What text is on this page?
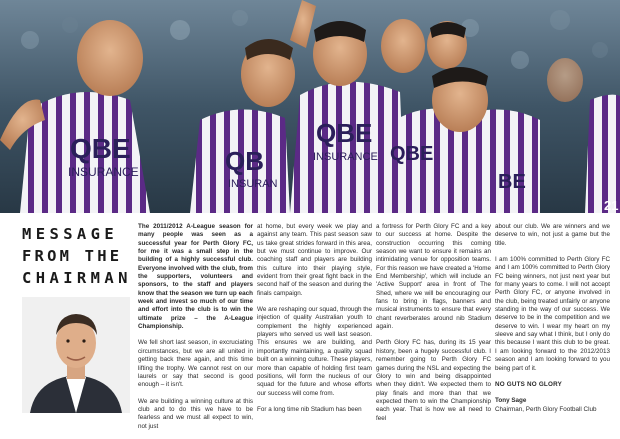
QBE
INSURANCE	QB
INSURAN
QBE
INSURANCE QBE
BE
21
MESSAGE
FROM THE
CHAIRMAN

The 2011/2012 A-League season for many people was seen as a successful year for Perth Glory FC, for me it was a small step in the building of a highly successful club. Everyone involved with the club, from the supporters, volunteers and sponsors, to the staff and players know that the season we turn up each week and invest so much of our time and effort into the club is to win the ultimate prize – the A-League Championship.

We fell short last season, in excruciating circumstances, but we are all united in getting back there again, and this time lifting the trophy. We cannot rest on our laurels or say that second is good enough – it isn't.

We are building a winning culture at this club and to do this we have to be fearless and we must all expect to win, not just

at home, but every week we play and against any team. This past season saw us take great strides forward in this area, but we must continue to improve. Our coaching staff and players are building this culture into their playing style, evident from their great fight back in the second half of the season and during the finals campaign.

We are reshaping our squad, through the injection of quality Australian youth to complement the highly experienced players who served us well last season. This ensures we are building, and importantly maintaining, a quality squad built on a winning culture. These players, more than capable of holding first team positions, will form the nucleus of our squad for the future and whose efforts our success will come from.

For a long time nib Stadium has been

a fortress for Perth Glory FC and a key to our success at home. Despite the construction occurring this coming season we want to ensure it remains an intimidating venue for opposition teams. For this reason we have created a 'Home End Membership', which will include an 'Active Support' area in front of The Shed, where we will be encouraging our fans to bring in flags, banners and musical instruments to ensure that every chant reverberates around nib Stadium again.

Perth Glory FC has, during its 15 year history, been a hugely successful club. I remember going to Perth Glory FC games during the NSL and expecting the Glory to win and being disappointed when they didn't. We expected them to play finals and more than that we expected them to win the Championship each year. That is how we all need to feel

about our club. We are winners and we deserve to win, not just a game but the title.

I am 100% committed to Perth Glory FC and I am 100% committed to Perth Glory FC being winners, not just next year but for many years to come. I will not accept Perth Glory FC, or anyone involved in the club, being treated unfairly or anyone standing in the way of our success. We deserve to be in the competition and we deserve to win. I wear my heart on my sleeve and say what I think, but I only do this because I want this club to be great. I am looking forward to the 2012/2013 season and I am looking forward to you being part of it.

NO GUTS NO GLORY

Tony Sage
Chairman, Perth Glory Football Club
